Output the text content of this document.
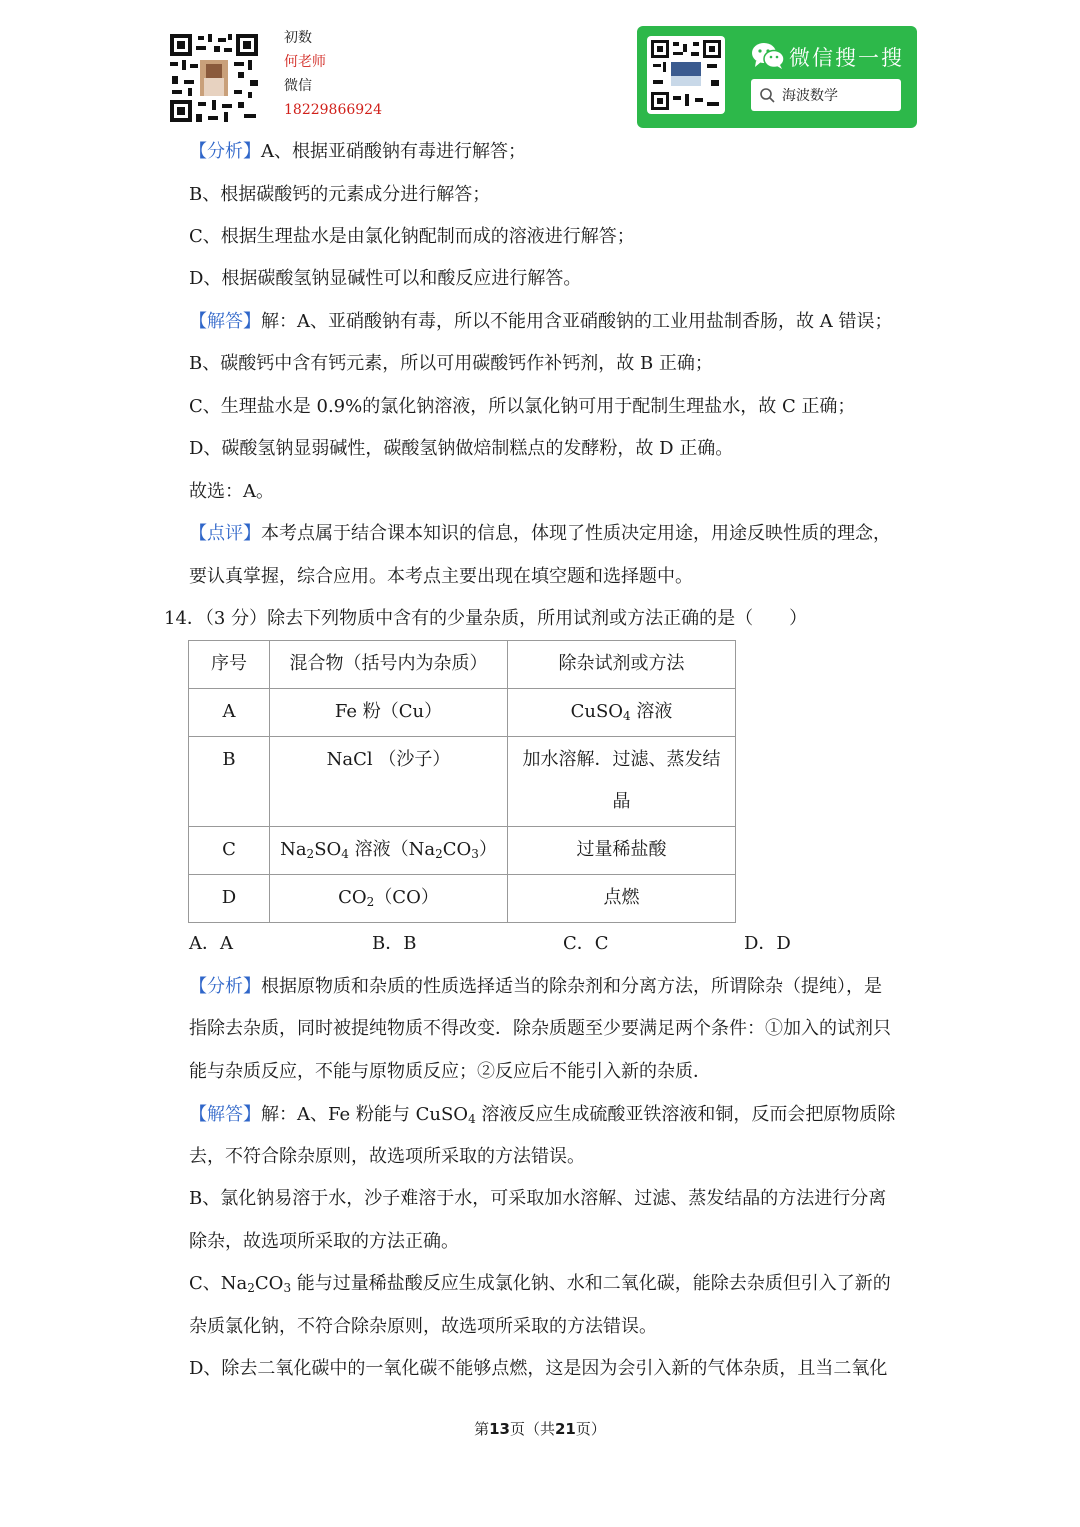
初数
何老师
微信
18229866924
微信搜一搜
海波数学
【分析】A、根据亚硝酸钠有毒进行解答；
B、根据碳酸钙的元素成分进行解答；
C、根据生理盐水是由氯化钠配制而成的溶液进行解答；
D、根据碳酸氢钠显碱性可以和酸反应进行解答。
【解答】解：A、亚硝酸钠有毒，所以不能用含亚硝酸钠的工业用盐制香肠，故 A 错误；
B、碳酸钙中含有钙元素，所以可用碳酸钙作补钙剂，故 B 正确；
C、生理盐水是 0.9%的氯化钠溶液，所以氯化钠可用于配制生理盐水，故 C 正确；
D、碳酸氢钠显弱碱性，碳酸氢钠做焙制糕点的发酵粉，故 D 正确。
故选：A。
【点评】本考点属于结合课本知识的信息，体现了性质决定用途，用途反映性质的理念，
要认真掌握，综合应用。本考点主要出现在填空题和选择题中。
14．（3 分）除去下列物质中含有的少量杂质，所用试剂或方法正确的是（　　）
序号	混合物（括号内为杂质）	除杂试剂或方法

A	Fe 粉（Cu）	CuSO$_4$ 溶液

B	NaCl （沙子）	加水溶解．过滤、蒸发结
晶

C	$Na_2SO_4$ 溶液$(Na_2CO_3)$	过量稀盐酸

D	$CO_2(CO)$	点燃
A．A	B．B	C．C	D．D
【分析】根据原物质和杂质的性质选择适当的除杂剂和分离方法，所谓除杂（提纯），是
指除去杂质，同时被提纯物质不得改变．除杂质题至少要满足两个条件：①加入的试剂只
能与杂质反应，不能与原物质反应；②反应后不能引入新的杂质．
【解答】解：A、Fe 粉能与 CuSO$_4$ 溶液反应生成硫酸亚铁溶液和铜，反而会把原物质除
去，不符合除杂原则，故选项所采取的方法错误。
B、氯化钠易溶于水，沙子难溶于水，可采取加水溶解、过滤、蒸发结晶的方法进行分离
除杂，故选项所采取的方法正确。
C、$Na_2CO_3$ 能与过量稀盐酸反应生成氯化钠、水和二氧化碳，能除去杂质但引入了新的
杂质氯化钠，不符合除杂原则，故选项所采取的方法错误。
D、除去二氧化碳中的一氧化碳不能够点燃，这是因为会引入新的气体杂质，且当二氧化
第13页（共21页）
